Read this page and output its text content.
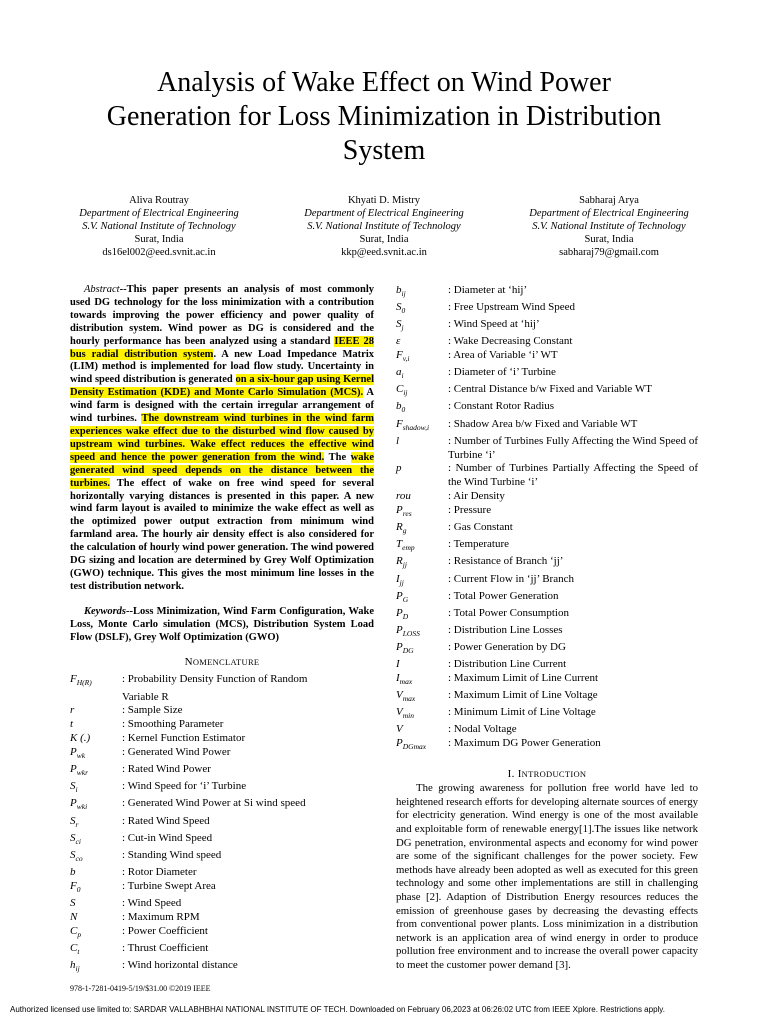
Analysis of Wake Effect on Wind Power
Generation for Loss Minimization in Distribution
System
Aliva Routray
Department of Electrical Engineering
S.V. National Institute of Technology
Surat, India
ds16el002@eed.svnit.ac.in
Khyati D. Mistry
Department of Electrical Engineering
S.V. National Institute of Technology
Surat, India
kkp@eed.svnit.ac.in
Sabharaj Arya
Department of Electrical Engineering
S.V. National Institute of Technology
Surat, India
sabharaj79@gmail.com

Abstract--This paper presents an analysis of most commonly used DG technology for the loss minimization with a contribution towards improving the power efficiency and power quality of distribution system. Wind power as DG is considered and the hourly performance has been analyzed using a standard IEEE 28 bus radial distribution system. A new Load Impedance Matrix (LIM) method is implemented for load flow study. Uncertainty in wind speed distribution is generated on a six-hour gap using Kernel Density Estimation (KDE) and Monte Carlo Simulation (MCS). A wind farm is designed with the certain irregular arrangement of wind turbines. The downstream wind turbines in the wind farm experiences wake effect due to the disturbed wind flow caused by upstream wind turbines. Wake effect reduces the effective wind speed and hence the power generation from the wind. The wake generated wind speed depends on the distance between the turbines. The effect of wake on free wind speed for several horizontally varying distances is presented in this paper. A new wind farm layout is availed to minimize the wake effect as well as the optimized power output extraction from minimum wind farmland area. The hourly air density effect is also considered for the calculation of hourly wind power generation. The wind powered DG sizing and location are determined by Grey Wolf Optimization (GWO) technique. This gives the most minimum line losses in the test distribution network.

Keywords--Loss Minimization, Wind Farm Configuration, Wake Loss, Monte Carlo simulation (MCS), Distribution System Load Flow (DSLF), Grey Wolf Optimization (GWO)

NOMENCLATURE
$F_{H(R)}$	: Probability Density Function of Random
Variable R
r	: Sample Size
t	: Smoothing Parameter
K (.)	: Kernel Function Estimator
$P_{wk}$	: Generated Wind Power
$P_{wkr}$	: Rated Wind Power
$S_i$	: Wind Speed for ‘i’ Turbine
$P_{wki}$	: Generated Wind Power at Si wind speed
$S_r$	: Rated Wind Speed
$S_{ci}$	: Cut-in Wind Speed
$S_{co}$	: Standing Wind speed
b	: Rotor Diameter
$F_0$	: Turbine Swept Area
S	: Wind Speed
N	: Maximum RPM
$C_p$	: Power Coefficient
$C_t$	: Thrust Coefficient
$h_{ij}$	: Wind horizontal distance
$b_{ij}$	: Diameter at ‘hij’
$S_0$	: Free Upstream Wind Speed
$S_j$	: Wind Speed at ‘hij’
ε	: Wake Decreasing Constant
$F_{v,i}$	: Area of Variable ‘i’ WT
$a_i$	: Diameter of ‘i’ Turbine
$C_{ij}$	: Central Distance b/w Fixed and Variable WT
$b_0$	: Constant Rotor Radius
$F_{shadow,i}$	: Shadow Area b/w Fixed and Variable WT
l	: Number of Turbines Fully Affecting the Wind Speed of Turbine ‘i’
p	: Number of Turbines Partially Affecting the Speed of the Wind Turbine ‘i’
rou	: Air Density
$P_{res}$	: Pressure
$R_g$	: Gas Constant
$T_{emp}$	: Temperature
$R_{jj}$	: Resistance of Branch ‘jj’
$I_{jj}$	: Current Flow in ‘jj’ Branch
$P_G$	: Total Power Generation
$P_D$	: Total Power Consumption
$P_{LOSS}$	: Distribution Line Losses
$P_{DG}$	: Power Generation by DG
I	: Distribution Line Current
$I_{max}$	: Maximum Limit of Line Current
$V_{max}$	: Maximum Limit of Line Voltage
$V_{min}$	: Minimum Limit of Line Voltage
V	: Nodal Voltage
$P_{DGmax}$	: Maximum DG Power Generation
I. INTRODUCTION

The growing awareness for pollution free world have led to heightened research efforts for developing alternate sources of energy for electricity generation. Wind energy is one of the most available and exploitable form of renewable energy[1].The issues like network DG penetration, environmental aspects and economy for wind power are some of the significant challenges for the power society. Few methods have already been adopted as well as executed for this green technology and some other implementations are still in challenging phase [2]. Adaption of Distribution Energy resources reduces the emission of greenhouse gases by decreasing the devasting effects from conventional power plants. Loss minimization in a distribution network is an application area of wind energy in order to produce pollution free environment and to increase the overall power capacity to meet the customer power demand [3].

978-1-7281-0419-5/19/$31.00 ©2019 IEEE
Authorized licensed use limited to: SARDAR VALLABHBHAI NATIONAL INSTITUTE OF TECH. Downloaded on February 06,2023 at 06:26:02 UTC from IEEE Xplore. Restrictions apply.
